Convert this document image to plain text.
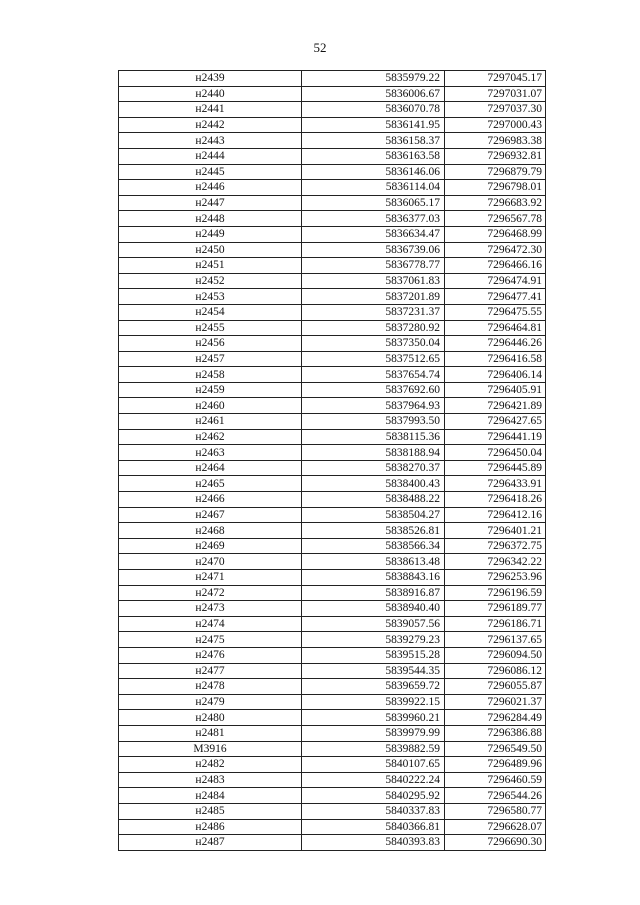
52
н2439	5835979.22	7297045.17
н2440	5836006.67	7297031.07
н2441	5836070.78	7297037.30
н2442	5836141.95	7297000.43
н2443	5836158.37	7296983.38
н2444	5836163.58	7296932.81
н2445	5836146.06	7296879.79
н2446	5836114.04	7296798.01
н2447	5836065.17	7296683.92
н2448	5836377.03	7296567.78
н2449	5836634.47	7296468.99
н2450	5836739.06	7296472.30
н2451	5836778.77	7296466.16
н2452	5837061.83	7296474.91
н2453	5837201.89	7296477.41
н2454	5837231.37	7296475.55
н2455	5837280.92	7296464.81
н2456	5837350.04	7296446.26
н2457	5837512.65	7296416.58
н2458	5837654.74	7296406.14
н2459	5837692.60	7296405.91
н2460	5837964.93	7296421.89
н2461	5837993.50	7296427.65
н2462	5838115.36	7296441.19
н2463	5838188.94	7296450.04
н2464	5838270.37	7296445.89
н2465	5838400.43	7296433.91
н2466	5838488.22	7296418.26
н2467	5838504.27	7296412.16
н2468	5838526.81	7296401.21
н2469	5838566.34	7296372.75
н2470	5838613.48	7296342.22
н2471	5838843.16	7296253.96
н2472	5838916.87	7296196.59
н2473	5838940.40	7296189.77
н2474	5839057.56	7296186.71
н2475	5839279.23	7296137.65
н2476	5839515.28	7296094.50
н2477	5839544.35	7296086.12
н2478	5839659.72	7296055.87
н2479	5839922.15	7296021.37
н2480	5839960.21	7296284.49
н2481	5839979.99	7296386.88
М3916	5839882.59	7296549.50
н2482	5840107.65	7296489.96
н2483	5840222.24	7296460.59
н2484	5840295.92	7296544.26
н2485	5840337.83	7296580.77
н2486	5840366.81	7296628.07
н2487	5840393.83	7296690.30
